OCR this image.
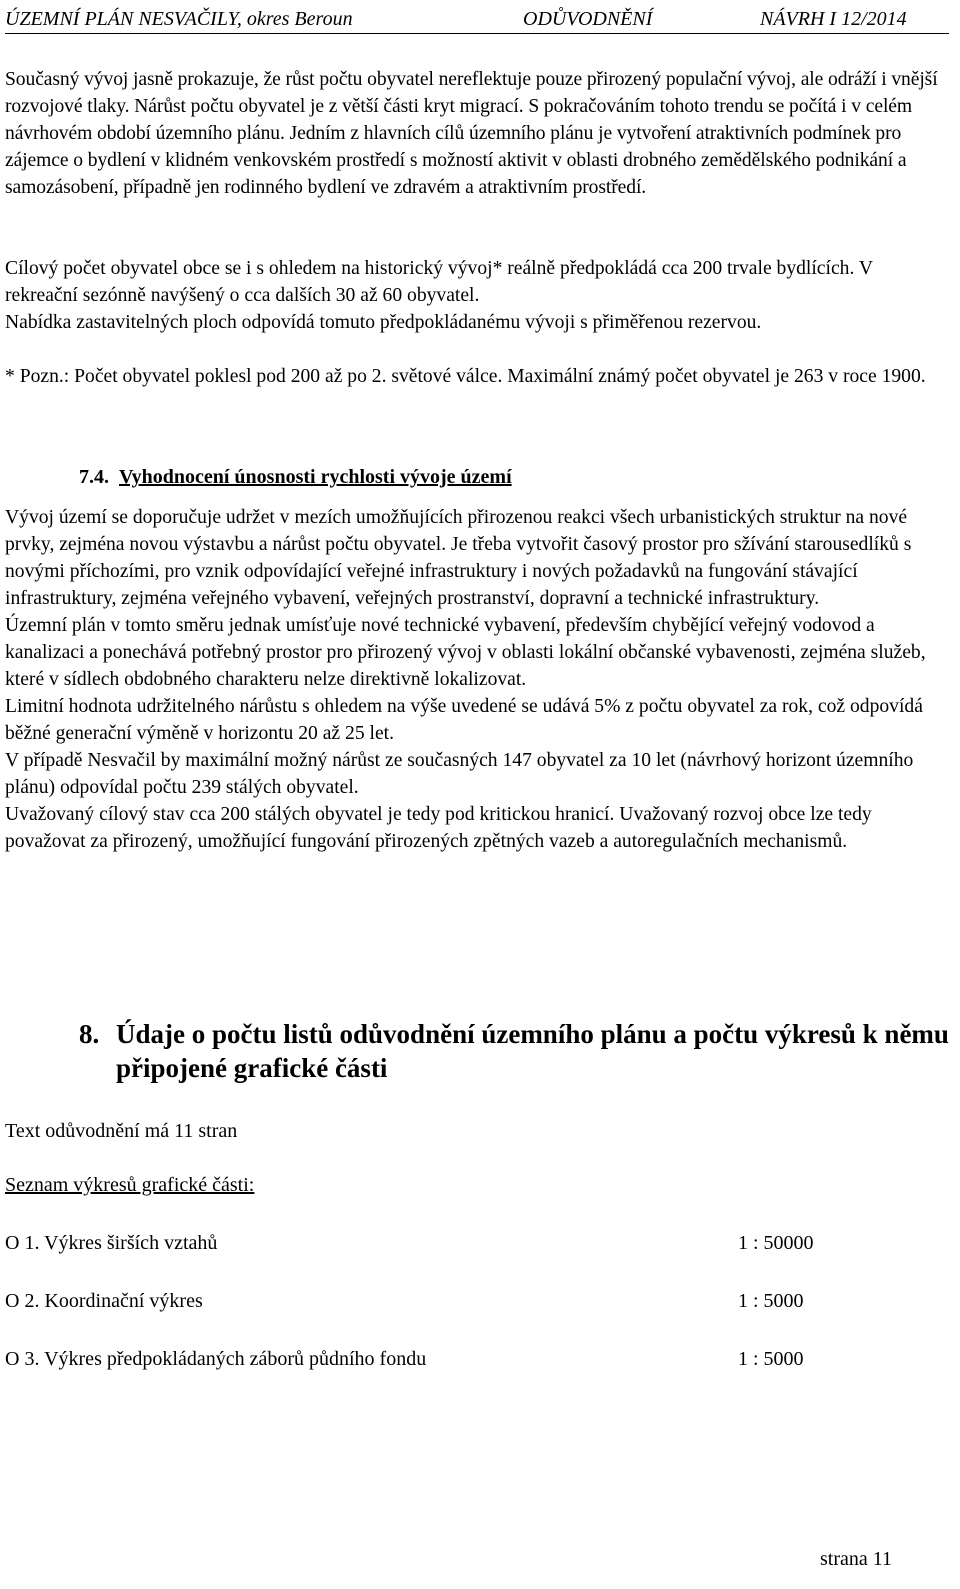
ÚZEMNÍ PLÁN NESVAČILY, okres Beroun	ODŮVODNĚNÍ	NÁVRH I 12/2014

Současný vývoj jasně prokazuje, že růst počtu obyvatel nereflektuje pouze přirozený populační vývoj, ale odráží i vnější rozvojové tlaky. Nárůst počtu obyvatel je z větší části kryt migrací. S pokračováním tohoto trendu se počítá i v celém návrhovém období územního plánu. Jedním z hlavních cílů územního plánu je vytvoření atraktivních podmínek pro zájemce o bydlení v klidném venkovském prostředí s možností aktivit v oblasti drobného zemědělského podnikání a samozásobení, případně jen rodinného bydlení ve zdravém a atraktivním prostředí.

Cílový počet obyvatel obce se i s ohledem na historický vývoj* reálně předpokládá cca 200 trvale bydlících. V rekreační sezónně navýšený o cca dalších 30 až 60 obyvatel.

Nabídka zastavitelných ploch odpovídá tomuto předpokládanému vývoji s přiměřenou rezervou.

* Pozn.: Počet obyvatel poklesl pod 200 až po 2. světové válce. Maximální známý počet obyvatel je 263 v roce 1900.

7.4. Vyhodnocení únosnosti rychlosti vývoje území

Vývoj území se doporučuje udržet v mezích umožňujících přirozenou reakci všech urbanistických struktur na nové prvky, zejména novou výstavbu a nárůst počtu obyvatel. Je třeba vytvořit časový prostor pro sžívání starousedlíků s novými příchozími, pro vznik odpovídající veřejné infrastruktury i nových požadavků na fungování stávající infrastruktury, zejména veřejného vybavení, veřejných prostranství, dopravní a technické infrastruktury.
Územní plán v tomto směru jednak umísťuje nové technické vybavení, především chybějící veřejný vodovod a kanalizaci a ponechává potřebný prostor pro přirozený vývoj v oblasti lokální občanské vybavenosti, zejména služeb, které v sídlech obdobného charakteru nelze direktivně lokalizovat.
Limitní hodnota udržitelného nárůstu s ohledem na výše uvedené se udává 5% z počtu obyvatel za rok, což odpovídá běžné generační výměně v horizontu 20 až 25 let.
V případě Nesvačil by maximální možný nárůst ze současných 147 obyvatel za 10 let (návrhový horizont územního plánu) odpovídal počtu 239 stálých obyvatel.
Uvažovaný cílový stav cca 200 stálých obyvatel je tedy pod kritickou hranicí. Uvažovaný rozvoj obce lze tedy považovat za přirozený, umožňující fungování přirozených zpětných vazeb a autoregulačních mechanismů.

8. Údaje o počtu listů odůvodnění územního plánu a počtu výkresů k němu připojené grafické části
Text odůvodnění má 11 stran
Seznam výkresů grafické části:
O 1. Výkres širších vztahů	1 : 50000
O 2. Koordinační výkres	1 : 5000
O 3. Výkres předpokládaných záborů půdního fondu	1 : 5000
strana 11
